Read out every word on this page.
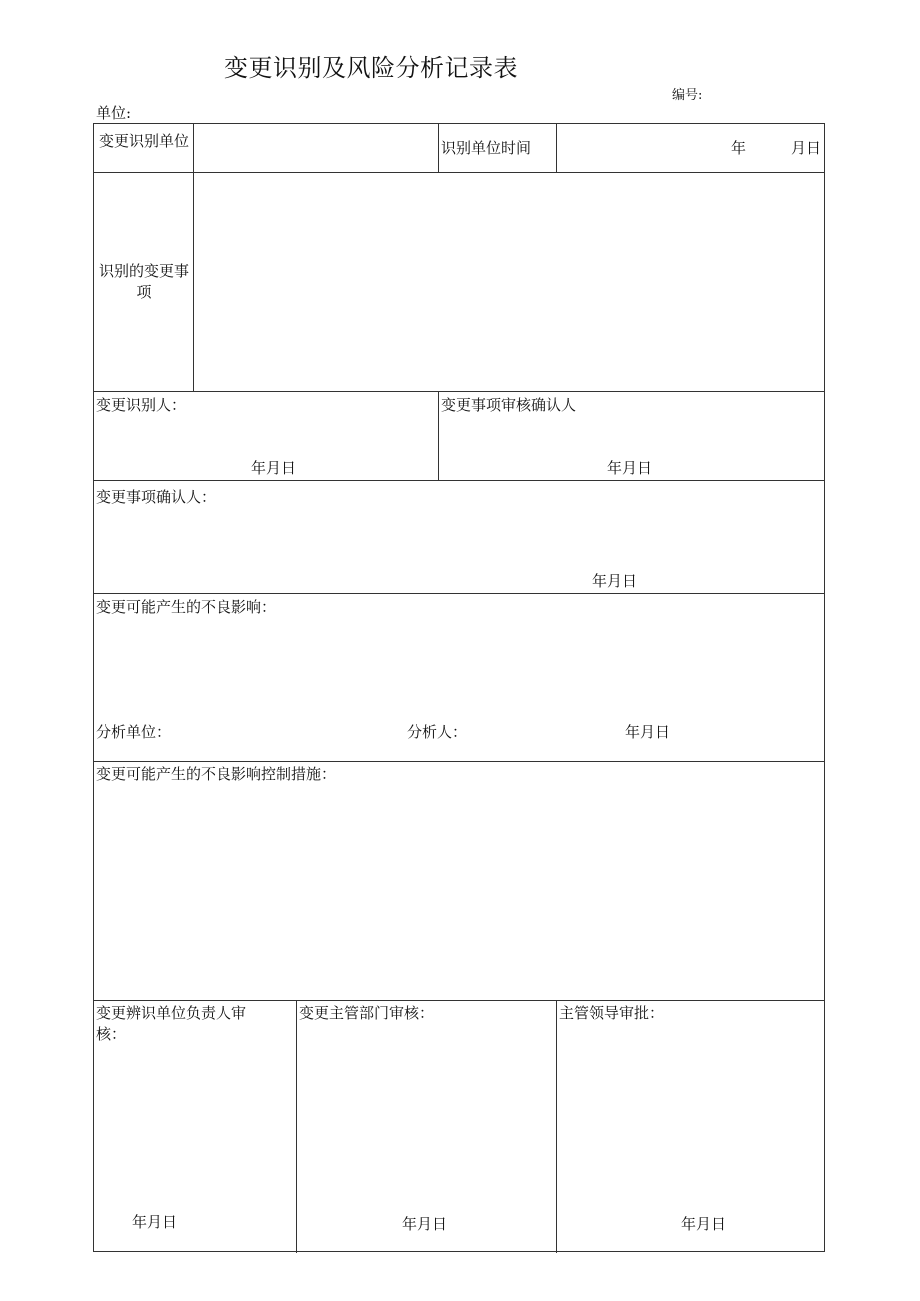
变更识别及风险分析记录表
编号:
单位:
变更识别单位	识别单位时间	年	月日
识别的变更事项
变更识别人：
年月日
变更事项审核确认人
年月日
变更事项确认人：
年月日
变更可能产生的不良影响：
分析单位：	分析人：	年月日
变更可能产生的不良影响控制措施：
变更辨识单位负责人审核：
年月日
变更主管部门审核：
年月日
主管领导审批：
年月日
